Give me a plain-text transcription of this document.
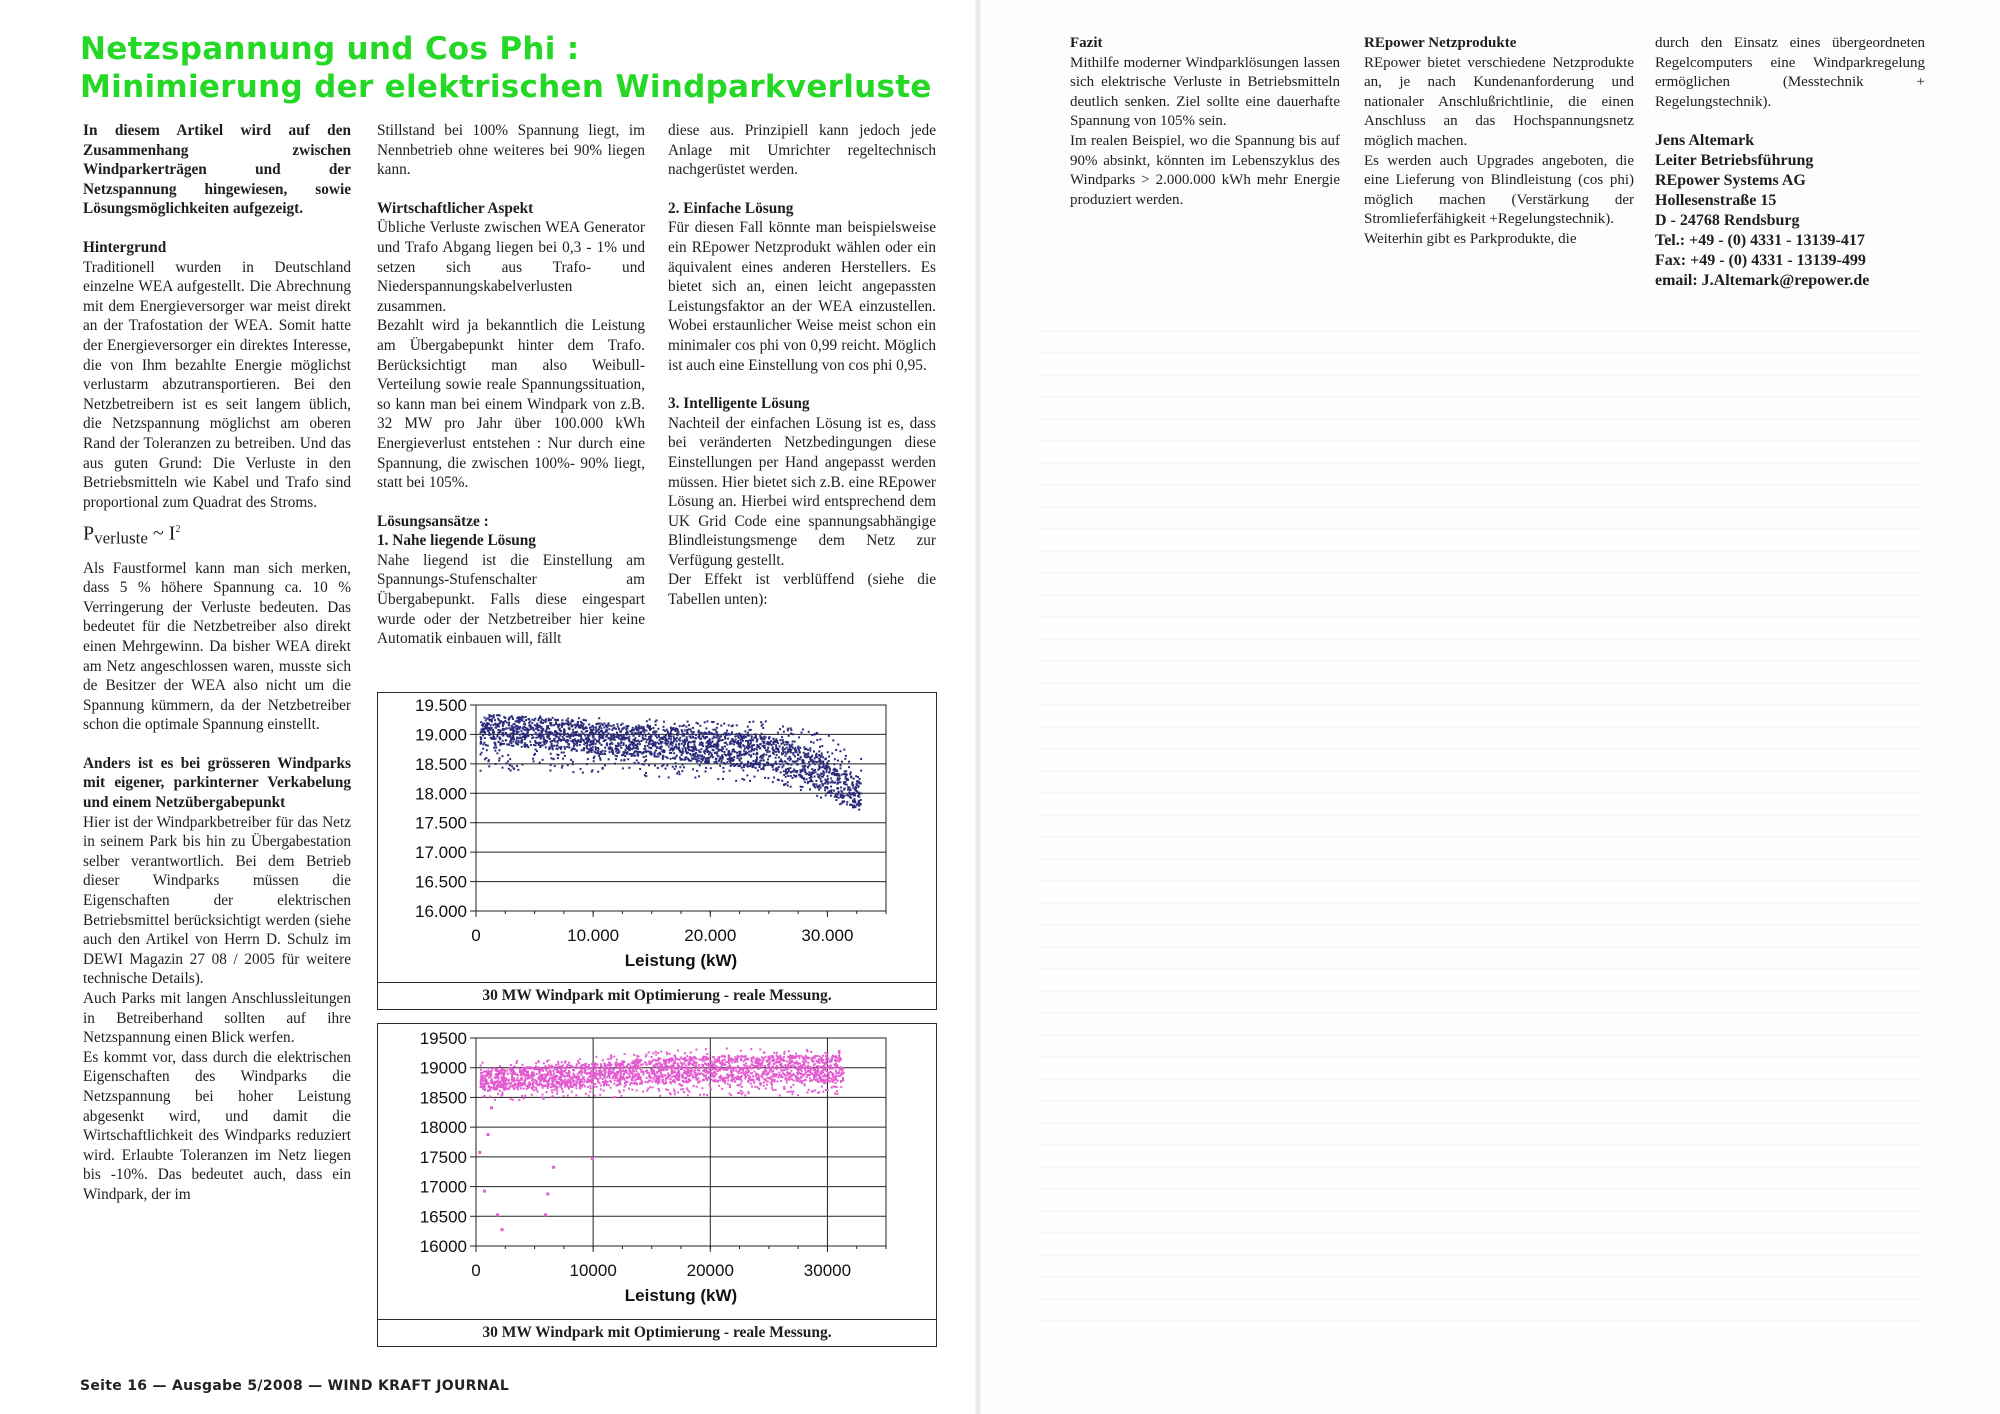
Netzspannung und Cos Phi :
Minimierung der elektrischen Windparkverluste

In diesem Artikel wird auf den Zusammenhang zwischen Windparkerträgen und der Netzspannung hingewiesen, sowie Lösungsmöglichkeiten aufgezeigt.

Hintergrund

Traditionell wurden in Deutschland einzelne WEA aufgestellt. Die Abrechnung mit dem Energieversorger war meist direkt an der Trafostation der WEA. Somit hatte der Energieversorger ein direktes Interesse, die von Ihm bezahlte Energie möglichst verlustarm abzutransportieren. Bei den Netzbetreibern ist es seit langem üblich, die Netzspannung möglichst am oberen Rand der Toleranzen zu betreiben. Und das aus guten Grund: Die Verluste in den Betriebsmitteln wie Kabel und Trafo sind proportional zum Quadrat des Stroms.

$P_{verluste}$ ~ $I^2$

Als Faustformel kann man sich merken, dass 5 % höhere Spannung ca. 10 % Verringerung der Verluste bedeuten. Das bedeutet für die Netzbetreiber also direkt einen Mehrgewinn. Da bisher WEA direkt am Netz angeschlossen waren, musste sich de Besitzer der WEA also nicht um die Spannung kümmern, da der Netzbetreiber schon die optimale Spannung einstellt.

Anders ist es bei grösseren Windparks mit eigener, parkinterner Verkabelung und einem Netzübergabepunkt

Hier ist der Windparkbetreiber für das Netz in seinem Park bis hin zu Übergabestation selber verantwortlich. Bei dem Betrieb dieser Windparks müssen die Eigenschaften der elektrischen Betriebsmittel berücksichtigt werden (siehe auch den Artikel von Herrn D. Schulz im DEWI Magazin 27 08 / 2005 für weitere technische Details).

Auch Parks mit langen Anschlussleitungen in Betreiberhand sollten auf ihre Netzspannung einen Blick werfen.

Es kommt vor, dass durch die elektrischen Eigenschaften des Windparks die Netzspannung bei hoher Leistung abgesenkt wird, und damit die Wirtschaftlichkeit des Windparks reduziert wird. Erlaubte Toleranzen im Netz liegen bis -10%. Das bedeutet auch, dass ein Windpark, der im

Stillstand bei 100% Spannung liegt, im Nennbetrieb ohne weiteres bei 90% liegen kann.

Wirtschaftlicher Aspekt

Übliche Verluste zwischen WEA Generator und Trafo Abgang liegen bei 0,3 - 1% und setzen sich aus Trafo- und Niederspannungskabelverlusten zusammen.

Bezahlt wird ja bekanntlich die Leistung am Übergabepunkt hinter dem Trafo. Berücksichtigt man also Weibull-Verteilung sowie reale Spannungssituation, so kann man bei einem Windpark von z.B. 32 MW pro Jahr über 100.000 kWh Energieverlust entstehen : Nur durch eine Spannung, die zwischen 100%- 90% liegt, statt bei 105%.

Lösungsansätze :

1. Nahe liegende Lösung

Nahe liegend ist die Einstellung am Spannungs-Stufenschalter am Übergabepunkt. Falls diese eingespart wurde oder der Netzbetreiber hier keine Automatik einbauen will, fällt

diese aus. Prinzipiell kann jedoch jede Anlage mit Umrichter regeltechnisch nachgerüstet werden.

2. Einfache Lösung

Für diesen Fall könnte man beispielsweise ein REpower Netzprodukt wählen oder ein äquivalent eines anderen Herstellers. Es bietet sich an, einen leicht angepassten Leistungsfaktor an der WEA einzustellen. Wobei erstaunlicher Weise meist schon ein minimaler cos phi von 0,99 reicht. Möglich ist auch eine Einstellung von cos phi 0,95.

3. Intelligente Lösung

Nachteil der einfachen Lösung ist es, dass bei veränderten Netzbedingungen diese Einstellungen per Hand angepasst werden müssen. Hier bietet sich z.B. eine REpower Lösung an. Hierbei wird entsprechend dem UK Grid Code eine spannungsabhängige Blindleistungsmenge dem Netz zur Verfügung gestellt.

Der Effekt ist verblüffend (siehe die Tabellen unten):

16.000
16.500
17.000
17.500
18.000
18.500
19.000
19.500
0	10.000	20.000	30.000
Leistung (kW)
30 MW Windpark mit Optimierung - reale Messung.
16000
16500
17000
17500
18000
18500
19000
19500
0	10000	20000	30000
Leistung (kW)
30 MW Windpark mit Optimierung - reale Messung.

Fazit

Mithilfe moderner Windparklösungen lassen sich elektrische Verluste in Betriebsmitteln deutlich senken. Ziel sollte eine dauerhafte Spannung von 105% sein.

Im realen Beispiel, wo die Spannung bis auf 90% absinkt, könnten im Lebenszyklus des Windparks > 2.000.000 kWh mehr Energie produziert werden.

REpower Netzprodukte

REpower bietet verschiedene Netzprodukte an, je nach Kundenanforderung und nationaler Anschlußrichtlinie, die einen Anschluss an das Hochspannungsnetz möglich machen.

Es werden auch Upgrades angeboten, die eine Lieferung von Blindleistung (cos phi) möglich machen (Verstärkung der Stromlieferfähigkeit +Regelungstechnik).

Weiterhin gibt es Parkprodukte, die

durch den Einsatz eines übergeordneten Regelcomputers eine Windparkregelung ermöglichen (Messtechnik + Regelungstechnik).

Jens Altemark
Leiter Betriebsführung
REpower Systems AG
Hollesenstraße 15
D - 24768 Rendsburg
Tel.: +49 - (0) 4331 - 13139-417
Fax: +49 - (0) 4331 - 13139-499
email: J.Altemark@repower.de
Seite 16 — Ausgabe 5/2008 — WIND KRAFT JOURNAL
